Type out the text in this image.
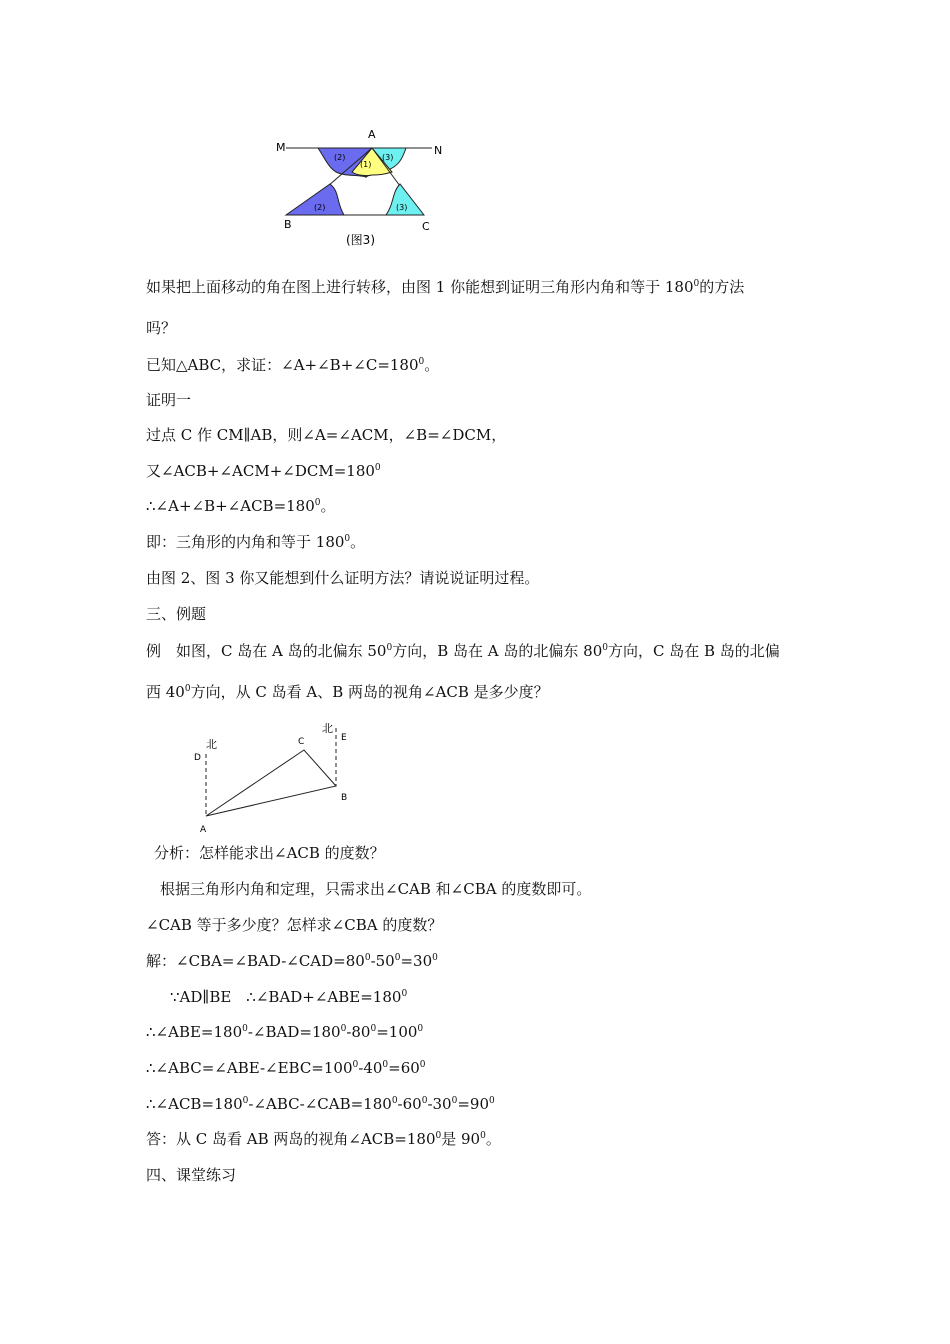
M
A
N
B	C
(1)
(2)	(3)
(2)	(3)
(图3)
如果把上面移动的角在图上进行转移，由图 1 你能想到证明三角形内角和等于 $180^0$的方法
吗？
已知△ABC，求证：$\angle A+\angle B+\angle C=180^0$。
证明一
过点 C 作 CM∥AB，则∠A=∠ACM，∠B=∠DCM，
又$\angle ACB+\angle ACM+\angle DCM=180^0$
$\therefore\angle A+\angle B+\angle ACB=180^0$。
即：三角形的内角和等于 $180^0$。
由图 2、图 3 你又能想到什么证明方法？请说说证明过程。
三、例题
例　如图，C 岛在 A 岛的北偏东 $50^0$方向，B 岛在 A 岛的北偏东 $80^0$方向，C 岛在 B 岛的北偏
西 $40^0$方向，从 C 岛看 A、B 两岛的视角∠ACB 是多少度？
北
北
D
C	E
B
A
分析：怎样能求出∠ACB 的度数？
根据三角形内角和定理，只需求出∠CAB 和∠CBA 的度数即可。
∠CAB 等于多少度？怎样求∠CBA 的度数？
解：$\angle CBA=\angle BAD-\angle CAD=80^0-50^0=30^0$
∵AD∥BE　$\therefore\angle BAD+\angle ABE=180^0$
$\therefore\angle ABE=180^0-\angle BAD=180^0-80^0=100^0$
$\therefore\angle ABC=\angle ABE-\angle EBC=100^0-40^0=60^0$
$\therefore\angle ACB=180^0-\angle ABC-\angle CAB=180^0-60^0-30^0=90^0$
答：从 C 岛看 AB 两岛的视角$\angle ACB=180^0$是 $90^0$。
四、课堂练习
